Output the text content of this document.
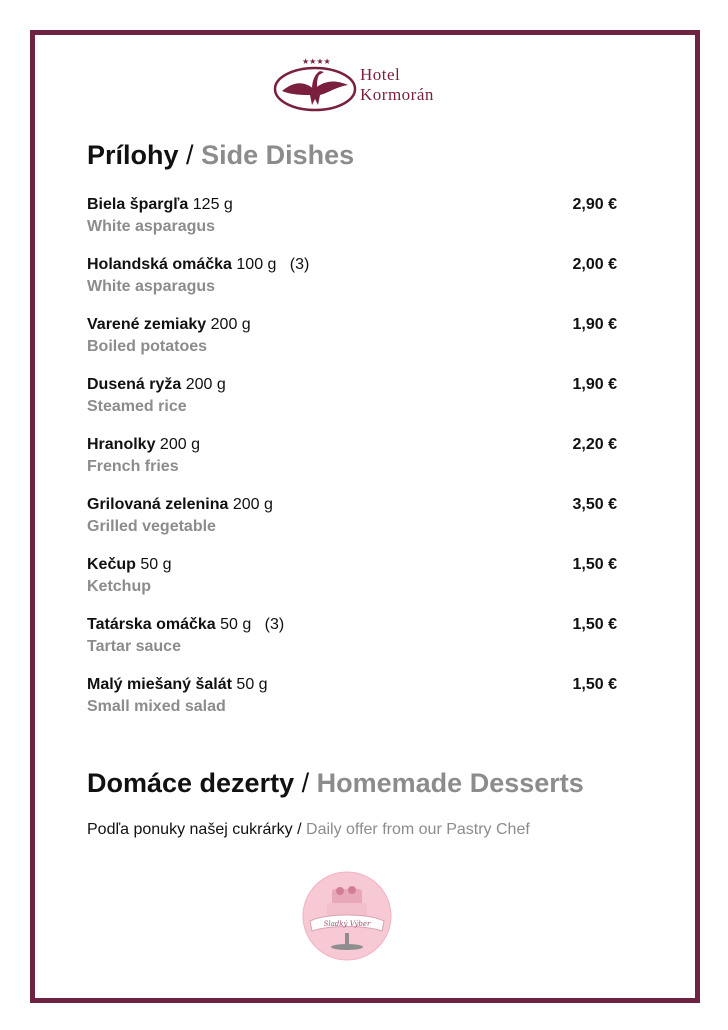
★★★★
Hotel
Kormorán
Prílohy / Side Dishes
Biela špargľa 125 g
White asparagus
2,90 €
Holandská omáčka 100 g (3)
White asparagus
2,00 €
Varené zemiaky 200 g
Boiled potatoes
1,90 €
Dusená ryža 200 g
Steamed rice
1,90 €
Hranolky 200 g
French fries
2,20 €
Grilovaná zelenina 200 g
Grilled vegetable
3,50 €
Kečup 50 g
Ketchup
1,50 €
Tatárska omáčka 50 g (3)
Tartar sauce
1,50 €
Malý miešaný šalát 50 g
Small mixed salad
1,50 €
Domáce dezerty / Homemade Desserts
Podľa ponuky našej cukrárky / Daily offer from our Pastry Chef
Sladký Výber
